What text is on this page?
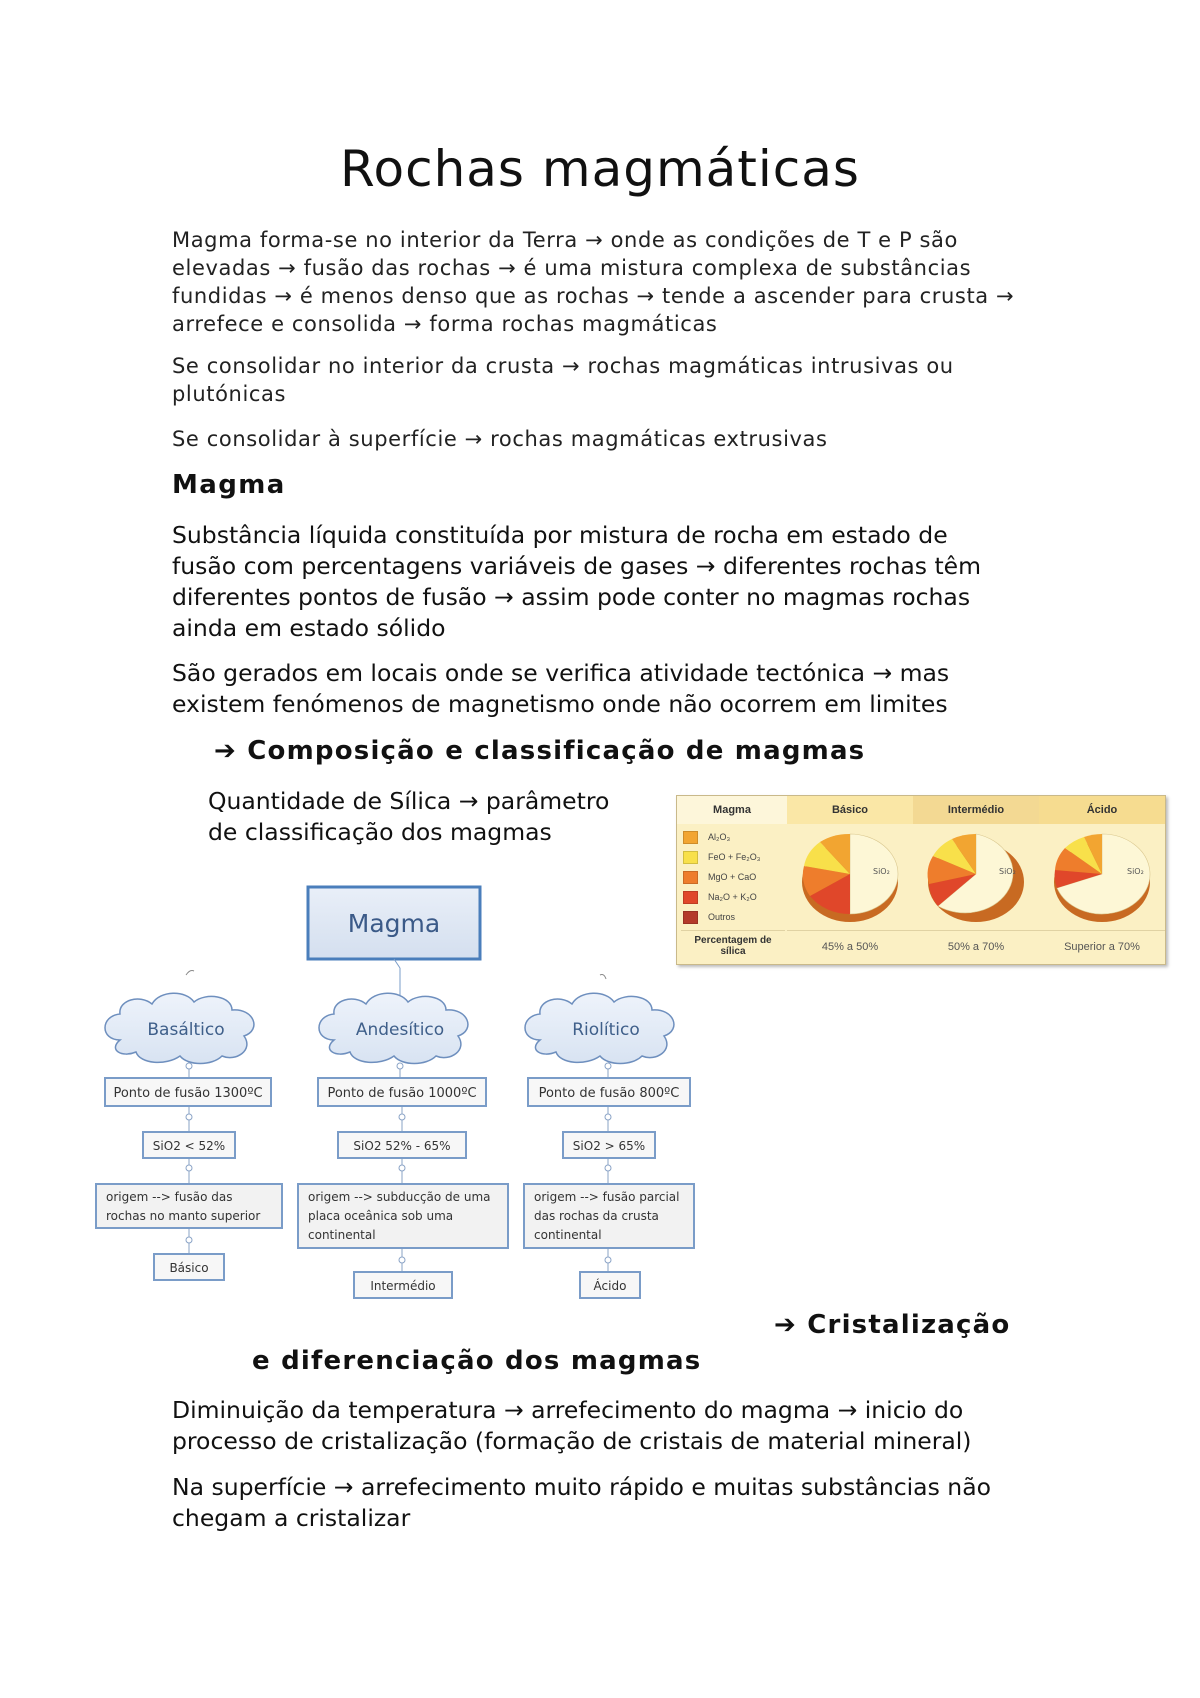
Rochas magmáticas
Magma forma-se no interior da Terra → onde as condições de T e P são
elevadas → fusão das rochas → é uma mistura complexa de substâncias
fundidas → é menos denso que as rochas → tende a ascender para crusta →
arrefece e consolida → forma rochas magmáticas
Se consolidar no interior da crusta → rochas magmáticas intrusivas ou
plutónicas
Se consolidar à superfície → rochas magmáticas extrusivas
Magma
Substância líquida constituída por mistura de rocha em estado de
fusão com percentagens variáveis de gases → diferentes rochas têm
diferentes pontos de fusão → assim pode conter no magmas rochas
ainda em estado sólido
São gerados em locais onde se verifica atividade tectónica → mas
existem fenómenos de magnetismo onde não ocorrem em limites
➔ Composição e classificação de magmas
Quantidade de Sílica → parâmetro
de classificação dos magmas
Magma	Básico	Intermédio	Ácido
Al₂O₃
FeO + Fe₂O₃
MgO + CaO
Na₂O + K₂O
Outros
SiO₂	SiO₂	SiO₂
Percentagem de sílica	45% a 50%	50% a 70%	Superior a 70%
Magma
Basáltico	Andesítico	Riolítico
Ponto de fusão 1300ºC	Ponto de fusão 1000ºC	Ponto de fusão 800ºC
SiO2 < 52%	SiO2 52% - 65%	SiO2 > 65%
origem --> fusão das
rochas no manto superior
origem --> subducção de uma
placa oceânica sob uma
continental
origem --> fusão parcial
das rochas da crusta
continental
Básico
Intermédio	Ácido
➔ Cristalização
e diferenciação dos magmas
Diminuição da temperatura → arrefecimento do magma → inicio do
processo de cristalização (formação de cristais de material mineral)
Na superfície → arrefecimento muito rápido e muitas substâncias não
chegam a cristalizar
